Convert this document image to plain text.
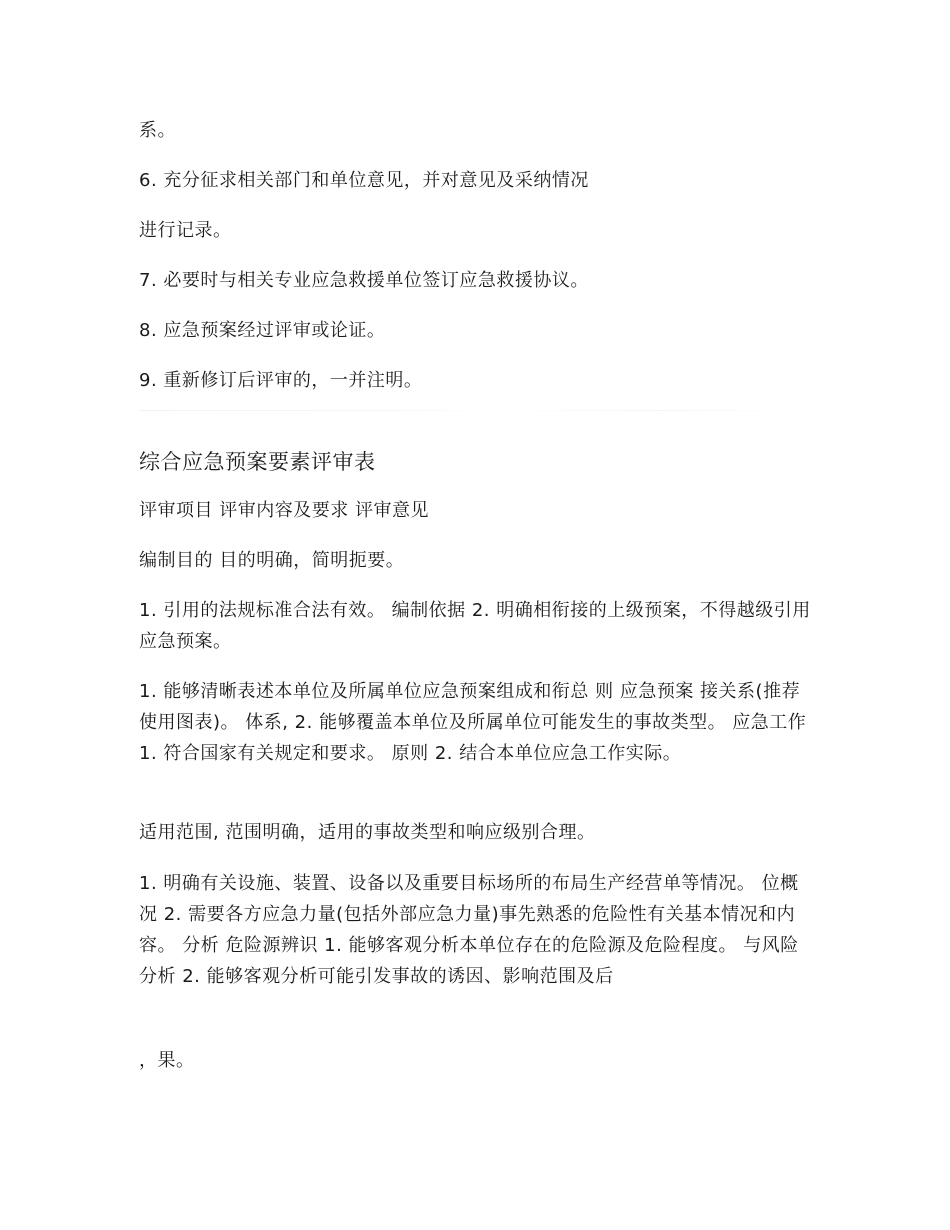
系。

6. 充分征求相关部门和单位意见，并对意见及采纳情况

进行记录。

7. 必要时与相关专业应急救援单位签订应急救援协议。

8. 应急预案经过评审或论证。

9. 重新修订后评审的，一并注明。

综合应急预案要素评审表

评审项目 评审内容及要求 评审意见

编制目的 目的明确，简明扼要。

1. 引用的法规标准合法有效。 编制依据 2. 明确相衔接的上级预案，不得越级引用应急预案。

1. 能够清晰表述本单位及所属单位应急预案组成和衔总 则 应急预案 接关系(推荐使用图表)。 体系, 2. 能够覆盖本单位及所属单位可能发生的事故类型。 应急工作 1. 符合国家有关规定和要求。 原则 2. 结合本单位应急工作实际。

适用范围, 范围明确，适用的事故类型和响应级别合理。

1. 明确有关设施、装置、设备以及重要目标场所的布局生产经营单等情况。 位概况 2. 需要各方应急力量(包括外部应急力量)事先熟悉的危险性有关基本情况和内容。 分析 危险源辨识 1. 能够客观分析本单位存在的危险源及危险程度。 与风险分析 2. 能够客观分析可能引发事故的诱因、影响范围及后

，果。
